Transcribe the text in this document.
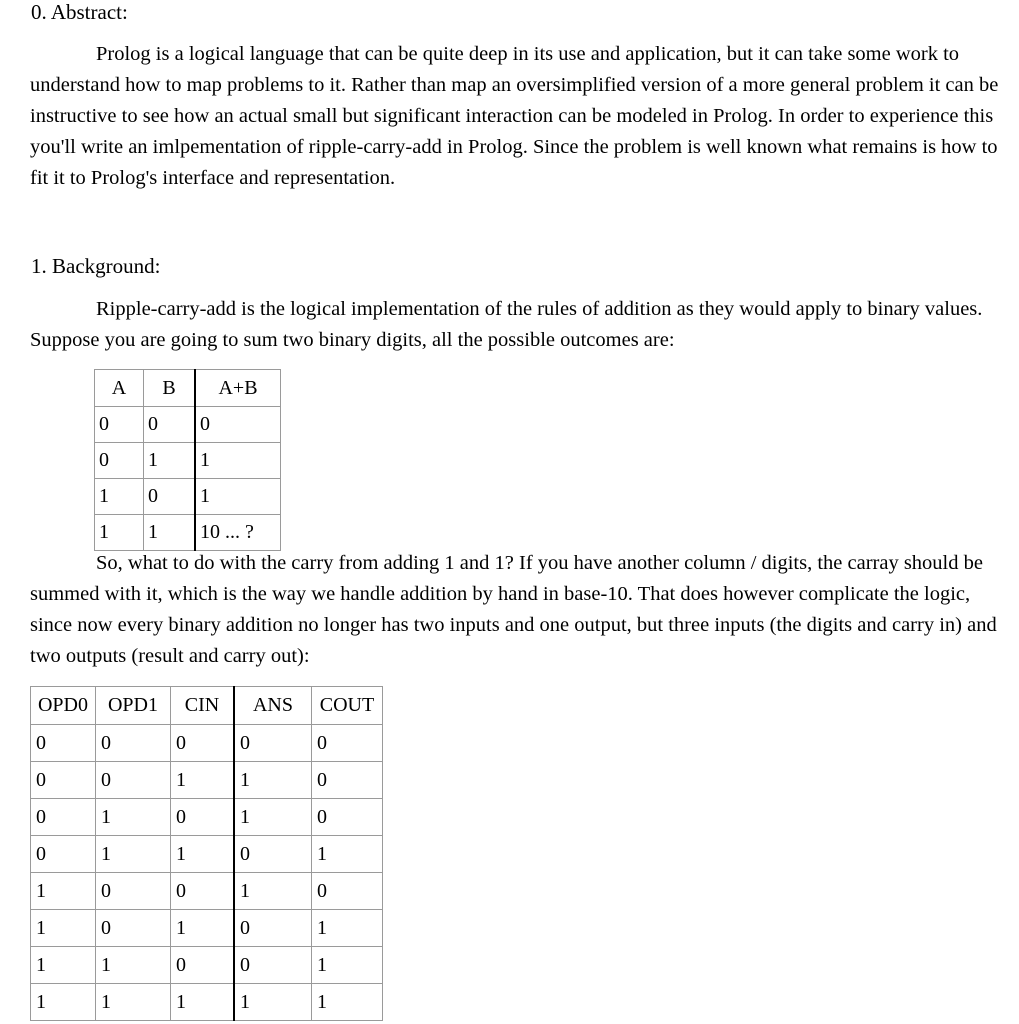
0. Abstract:

Prolog is a logical language that can be quite deep in its use and application, but it can take some work to understand how to map problems to it. Rather than map an oversimplified version of a more general problem it can be instructive to see how an actual small but significant interaction can be modeled in Prolog. In order to experience this you'll write an imlpementation of ripple-carry-add in Prolog. Since the problem is well known what remains is how to fit it to Prolog's interface and representation.

1. Background:

Ripple-carry-add is the logical implementation of the rules of addition as they would apply to binary values. Suppose you are going to sum two binary digits, all the possible outcomes are:

A	B	A+B
0	0	0
0	1	1
1	0	1
1	1	10 ... ?

So, what to do with the carry from adding 1 and 1? If you have another column / digits, the carray should be summed with it, which is the way we handle addition by hand in base-10. That does however complicate the logic, since now every binary addition no longer has two inputs and one output, but three inputs (the digits and carry in) and two outputs (result and carry out):

OPD0	OPD1	CIN	ANS	COUT
0	0	0	0	0
0	0	1	1	0
0	1	0	1	0
0	1	1	0	1
1	0	0	1	0
1	0	1	0	1
1	1	0	0	1
1	1	1	1	1
